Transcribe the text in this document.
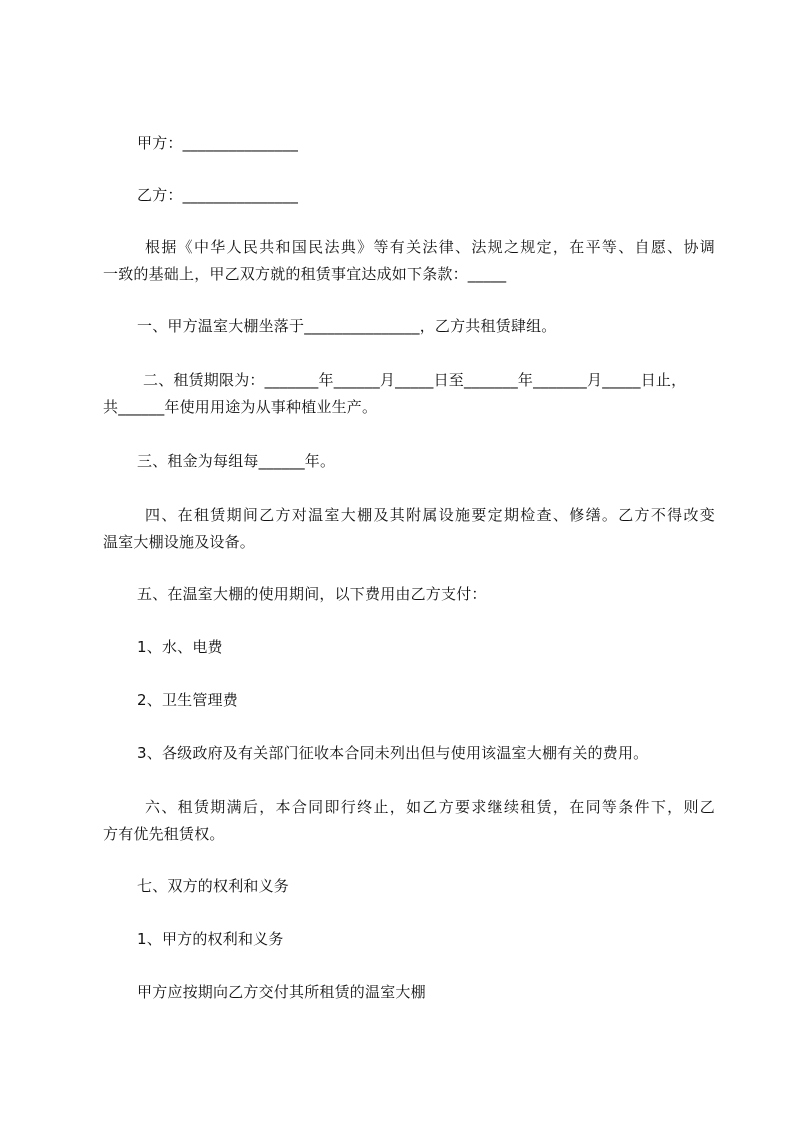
甲方：_______________
乙方：_______________
根据《中华人民共和国民法典》等有关法律、法规之规定，在平等、自愿、协调
一致的基础上，甲乙双方就的租赁事宜达成如下条款：_____
一、甲方温室大棚坐落于_______________，乙方共租赁肆组。
二、租赁期限为：_______年______月_____日至_______年_______月_____日止，
共______年使用用途为从事种植业生产。
三、租金为每组每______年。
四、在租赁期间乙方对温室大棚及其附属设施要定期检查、修缮。乙方不得改变
温室大棚设施及设备。
五、在温室大棚的使用期间，以下费用由乙方支付：
1、水、电费
2、卫生管理费
3、各级政府及有关部门征收本合同未列出但与使用该温室大棚有关的费用。
六、租赁期满后，本合同即行终止，如乙方要求继续租赁，在同等条件下，则乙
方有优先租赁权。
七、双方的权利和义务
1、甲方的权利和义务
甲方应按期向乙方交付其所租赁的温室大棚
